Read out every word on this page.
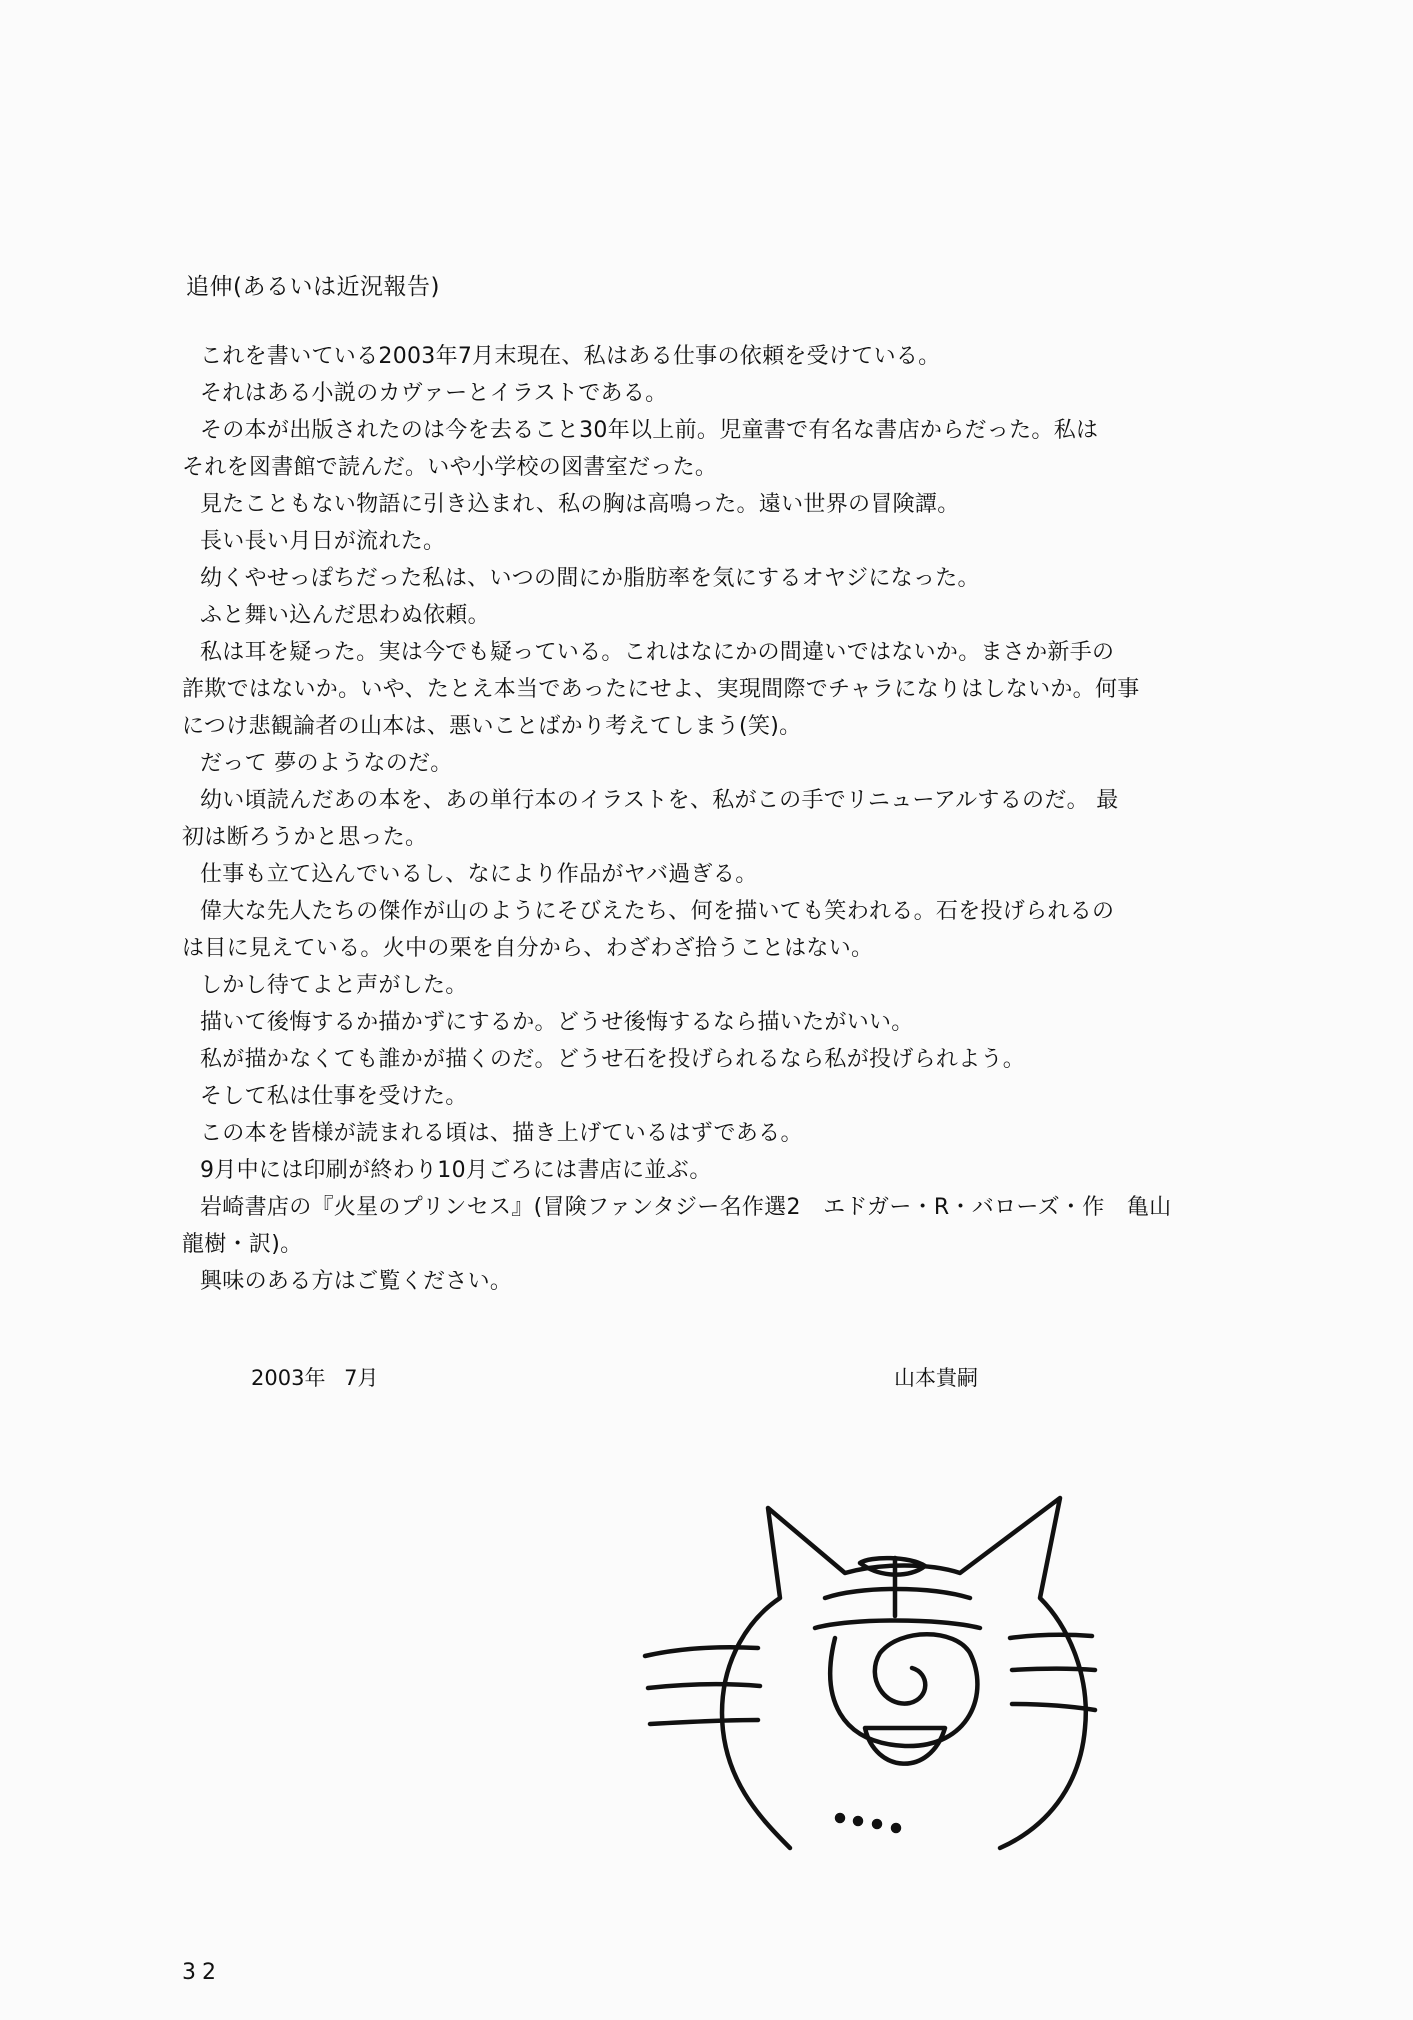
追伸(あるいは近況報告)
これを書いている2003年7月末現在、私はある仕事の依頼を受けている。
それはある小説のカヴァーとイラストである。
その本が出版されたのは今を去ること30年以上前。児童書で有名な書店からだった。私は
それを図書館で読んだ。いや小学校の図書室だった。
見たこともない物語に引き込まれ、私の胸は高鳴った。遠い世界の冒険譚。
長い長い月日が流れた。
幼くやせっぽちだった私は、いつの間にか脂肪率を気にするオヤジになった。
ふと舞い込んだ思わぬ依頼。
私は耳を疑った。実は今でも疑っている。これはなにかの間違いではないか。まさか新手の
詐欺ではないか。いや、たとえ本当であったにせよ、実現間際でチャラになりはしないか。何事
につけ悲観論者の山本は、悪いことばかり考えてしまう(笑)。
だって 夢のようなのだ。
幼い頃読んだあの本を、あの単行本のイラストを、私がこの手でリニューアルするのだ。 最
初は断ろうかと思った。
仕事も立て込んでいるし、なにより作品がヤバ過ぎる。
偉大な先人たちの傑作が山のようにそびえたち、何を描いても笑われる。石を投げられるの
は目に見えている。火中の栗を自分から、わざわざ拾うことはない。
しかし待てよと声がした。
描いて後悔するか描かずにするか。どうせ後悔するなら描いたがいい。
私が描かなくても誰かが描くのだ。どうせ石を投げられるなら私が投げられよう。
そして私は仕事を受けた。
この本を皆様が読まれる頃は、描き上げているはずである。
9月中には印刷が終わり10月ごろには書店に並ぶ。
岩崎書店の『火星のプリンセス』(冒険ファンタジー名作選2　エドガー・R・バローズ・作　亀山
龍樹・訳)。
興味のある方はご覧ください。
2003年 7月	山本貴嗣
32
